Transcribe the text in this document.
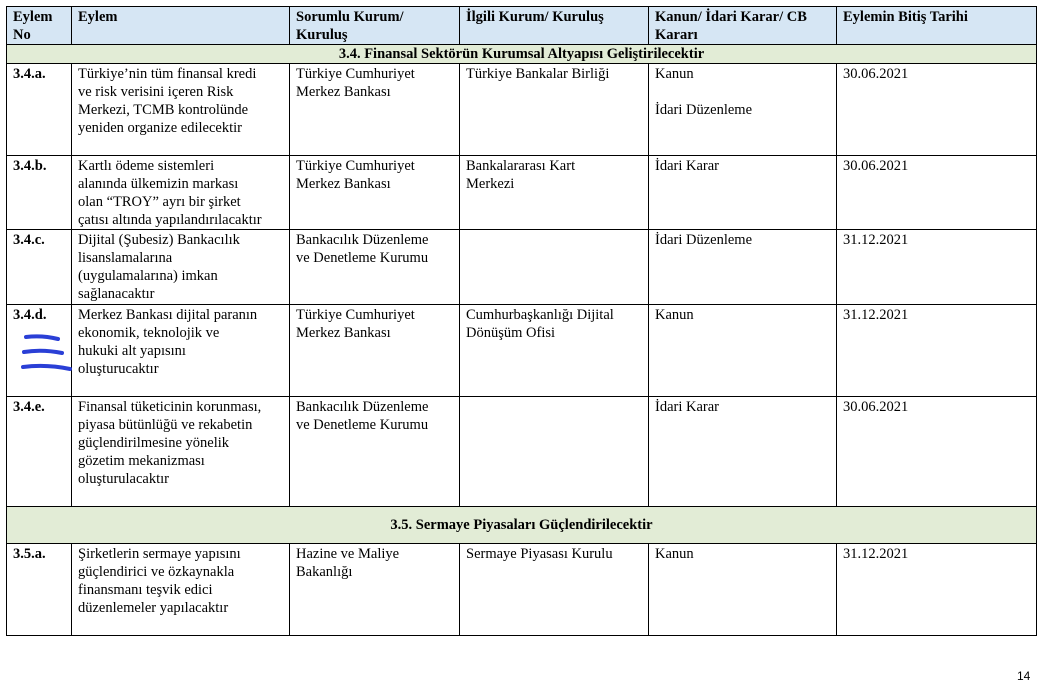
Eylem
No	Eylem	Sorumlu Kurum/
Kuruluş	İlgili Kurum/ Kuruluş	Kanun/ İdari Karar/ CB
Kararı	Eylemin Bitiş Tarihi
3.4. Finansal Sektörün Kurumsal Altyapısı Geliştirilecektir					
3.4.a.	Türkiye’nin tüm finansal kredi
ve risk verisini içeren Risk
Merkezi, TCMB kontrolünde
yeniden organize edilecektir	Türkiye Cumhuriyet
Merkez Bankası	Türkiye Bankalar Birliği	Kanun

İdari Düzenleme	30.06.2021
3.4.b.	Kartlı ödeme sistemleri
alanında ülkemizin markası
olan “TROY” ayrı bir şirket
çatısı altında yapılandırılacaktır	Türkiye Cumhuriyet
Merkez Bankası	Bankalararası Kart
Merkezi	İdari Karar	30.06.2021
3.4.c.	Dijital (Şubesiz) Bankacılık
lisanslamalarına
(uygulamalarına) imkan
sağlanacaktır	Bankacılık Düzenleme
ve Denetleme Kurumu		İdari Düzenleme	31.12.2021
3.4.d.	Merkez Bankası dijital paranın
ekonomik, teknolojik ve
hukuki alt yapısını
oluşturucaktır	Türkiye Cumhuriyet
Merkez Bankası	Cumhurbaşkanlığı Dijital
Dönüşüm Ofisi	Kanun	31.12.2021
3.4.e.	Finansal tüketicinin korunması,
piyasa bütünlüğü ve rekabetin
güçlendirilmesine yönelik
gözetim mekanizması
oluşturulacaktır	Bankacılık Düzenleme
ve Denetleme Kurumu		İdari Karar	30.06.2021
3.5. Sermaye Piyasaları Güçlendirilecektir					
3.5.a.	Şirketlerin sermaye yapısını
güçlendirici ve özkaynakla
finansmanı teşvik edici
düzenlemeler yapılacaktır	Hazine ve Maliye
Bakanlığı	Sermaye Piyasası Kurulu	Kanun	31.12.2021
14
